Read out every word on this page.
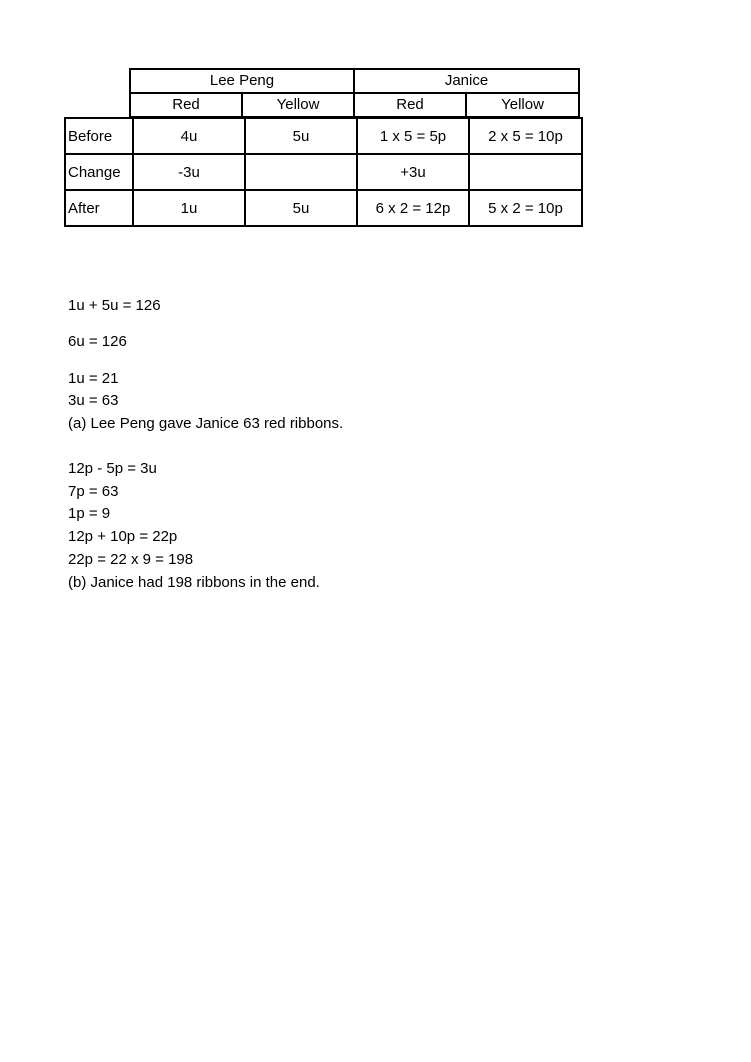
Lee Peng		Janice	
Red	Yellow	Red	Yellow
Before	4u	5u	1 x 5 = 5p	2 x 5 = 10p
Change	-3u		+3u	
After	1u	5u	6 x 2 = 12p	5 x 2 = 10p
1u + 5u = 126
6u = 126
1u = 21
3u = 63
(a) Lee Peng gave Janice 63 red ribbons.
12p - 5p = 3u
7p = 63
1p = 9
12p + 10p = 22p
22p = 22 x 9 = 198
(b) Janice had 198 ribbons in the end.
